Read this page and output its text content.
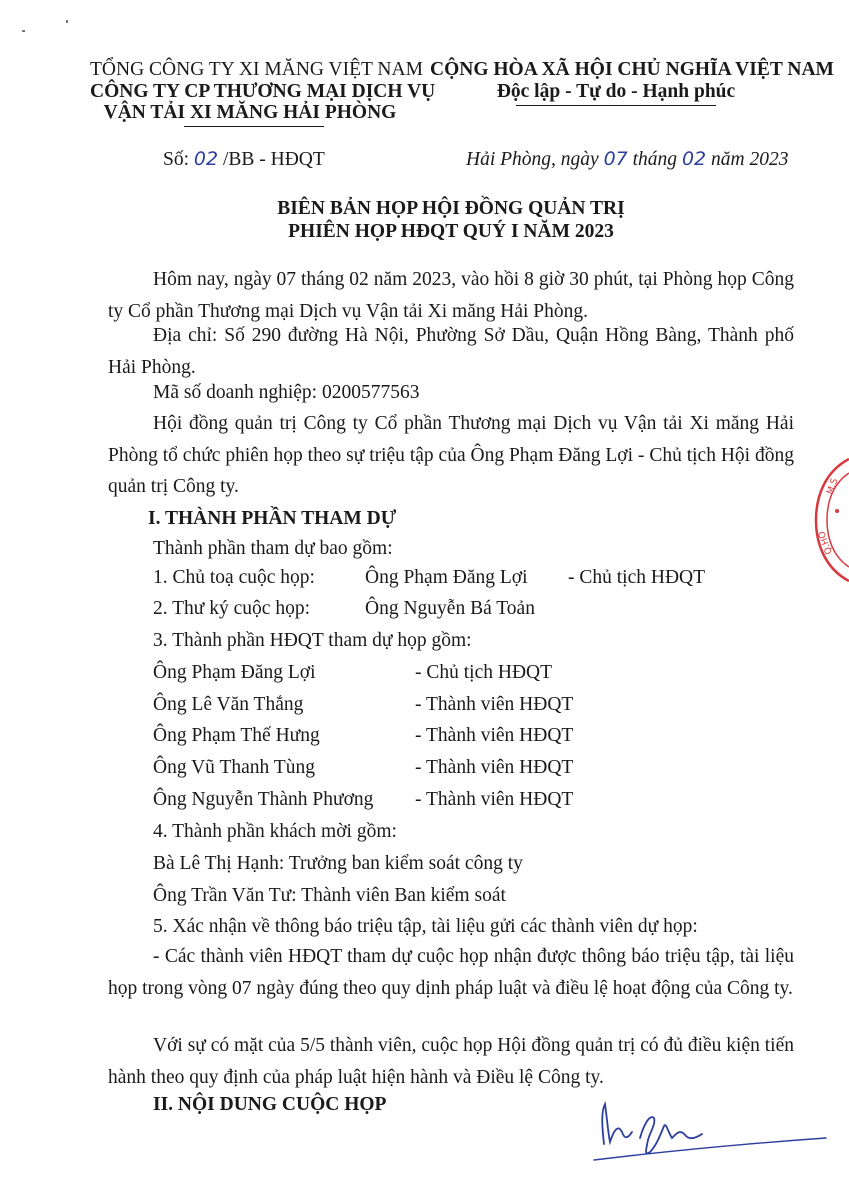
TỔNG CÔNG TY XI MĂNG VIỆT NAM
CÔNG TY CP THƯƠNG MẠI DỊCH VỤ
VẬN TẢI XI MĂNG HẢI PHÒNG
CỘNG HÒA XÃ HỘI CHỦ NGHĨA VIỆT NAM
Độc lập - Tự do - Hạnh phúc
Số: 02 /BB - HĐQT	Hải Phòng, ngày 07 tháng 02 năm 2023
BIÊN BẢN HỌP HỘI ĐỒNG QUẢN TRỊ
PHIÊN HỌP HĐQT QUÝ I NĂM 2023
Hôm nay, ngày 07 tháng 02 năm 2023, vào hồi 8 giờ 30 phút, tại Phòng họp Công ty Cổ phần Thương mại Dịch vụ Vận tải Xi măng Hải Phòng.
Địa chỉ: Số 290 đường Hà Nội, Phường Sở Dầu, Quận Hồng Bàng, Thành phố Hải Phòng.
Mã số doanh nghiệp: 0200577563
Hội đồng quản trị Công ty Cổ phần Thương mại Dịch vụ Vận tải Xi măng Hải Phòng tổ chức phiên họp theo sự triệu tập của Ông Phạm Đăng Lợi - Chủ tịch Hội đồng quản trị Công ty.
I. THÀNH PHẦN THAM DỰ
Thành phần tham dự bao gồm:
1. Chủ toạ cuộc họp:	Ông Phạm Đăng Lợi - Chủ tịch HĐQT
2. Thư ký cuộc họp:	Ông Nguyễn Bá Toản
3. Thành phần HĐQT tham dự họp gồm:
Ông Phạm Đăng Lợi	- Chủ tịch HĐQT
Ông Lê Văn Thắng	- Thành viên HĐQT
Ông Phạm Thế Hưng	- Thành viên HĐQT
Ông Vũ Thanh Tùng	- Thành viên HĐQT
Ông Nguyễn Thành Phương - Thành viên HĐQT
4. Thành phần khách mời gồm:
Bà Lê Thị Hạnh: Trưởng ban kiểm soát công ty
Ông Trần Văn Tư: Thành viên Ban kiểm soát
5. Xác nhận về thông báo triệu tập, tài liệu gửi các thành viên dự họp:
- Các thành viên HĐQT tham dự cuộc họp nhận được thông báo triệu tập, tài liệu họp trong vòng 07 ngày đúng theo quy dịnh pháp luật và điều lệ hoạt động của Công ty.
Với sự có mặt của 5/5 thành viên, cuộc họp Hội đồng quản trị có đủ điều kiện tiến hành theo quy định của pháp luật hiện hành và Điều lệ Công ty.
II. NỘI DUNG CUỘC HỌP
M.S
Q.HO
